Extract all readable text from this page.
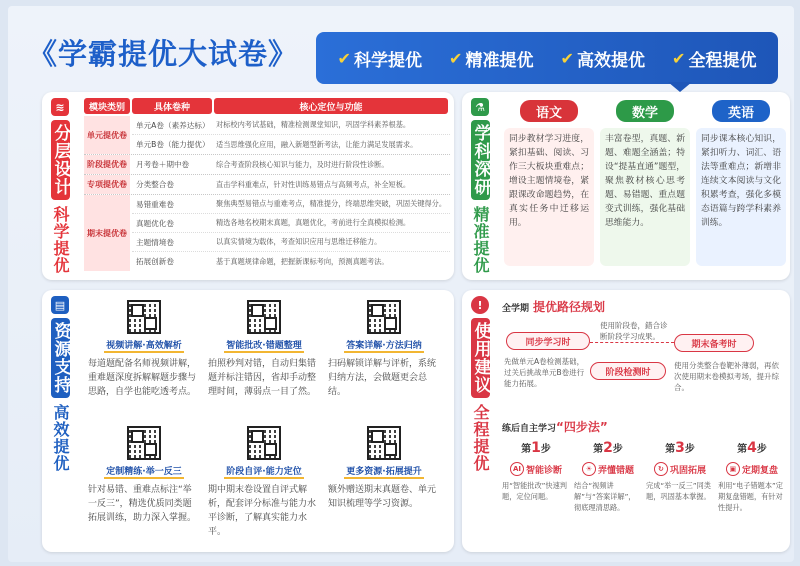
《学霸提优大试卷》 ✔ 科学提优 ✔ 精准提优 ✔ 高效提优 ✔ 全程提优
≋
分层设计
科学提优
模块类别	具体卷种	核心定位与功能
单元提优卷
单元A卷（素养达标） 对标校内考试基础，精准检测课堂知识，巩固学科素养根基。
单元B卷（能力提优） 适当思维强化应用，融入新题型新考法，让能力满足发展需求。
阶段提优卷	月考卷＋期中卷	综合考查阶段核心知识与能力，及时进行阶段性诊断。
专项提优卷	分类整合卷	直击学科重难点，针对性训练易错点与高频考点，补全短板。
期末提优卷
易错重难卷	聚焦典型易错点与重难考点，精准提分，终端思维突破，巩固关键得分。
真题优化卷	精选各地名校期末真题，真题优化，考前进行全真模拟检测。
主题情境卷	以真实情境为载体，考查知识应用与思维迁移能力。
拓展创新卷	基于真题规律命题，把握新课标考向，预测真题考法。
⚗
学科深研
精准提优
语文
同步教材学习进度，紧扣基础、阅读、习作三大板块重难点；增设主题情境卷，紧跟课改命题趋势，在真实任务中迁移运用。
数学
丰富卷型，真题、新题、难题全涵盖；特设“提基直通”题型，聚焦教材核心思考题、易错题、重点题变式训练，强化基础思维能力。
英语
同步课本核心知识，紧扣听力、词汇、语法等重难点；新增非连续文本阅读与文化积累考查，强化多模态语篇与跨学科素养训练。
▤
资源支持
高效提优
视频讲解·高效解析
每道题配备名师视频讲解，重难题深度拆解解题步骤与思路，自学也能吃透考点。
智能批改·错题整理
拍照秒判对错，自动归集错题并标注错因，省却手动整理时间，薄弱点一目了然。
答案详解·方法归纳
扫码解锁详解与评析，系统归纳方法，会做题更会总结。
定制精练·举一反三
针对易错、重难点标注“举一反三”，精选优质同类题拓展训练，助力深入掌握。
阶段自评·能力定位
期中期末卷设置自评式解析，配套评分标准与能力水平诊断，了解真实能力水平。
更多资源·拓展提升
额外赠送期末真题卷、单元知识梳理等学习资源。
!
使用建议
全程提优
全学期 提优路径规划
同步学习时
阶段检测时
期末备考时
使用阶段卷，錯合诊断阶段学习成果。
先做单元A卷检测基础，过关后挑战单元B卷进行能力拓展。
使用分类整合卷靶补薄弱，再依次使用期末卷模拟考场，提升综合。
练后自主学习“四步法”
第1步
AI 智能诊断
用“智能批改”快速判题，定位问题。
第2步
☀ 弄懂错题
结合“视频讲解”与“答案详解”，彻底理清思路。
第3步
↻ 巩固拓展
完成“举一反三”同类题，巩固基本掌握。
第4步
▣ 定期复盘
利用“电子错题本”定期复盘错题，有针对性提升。
